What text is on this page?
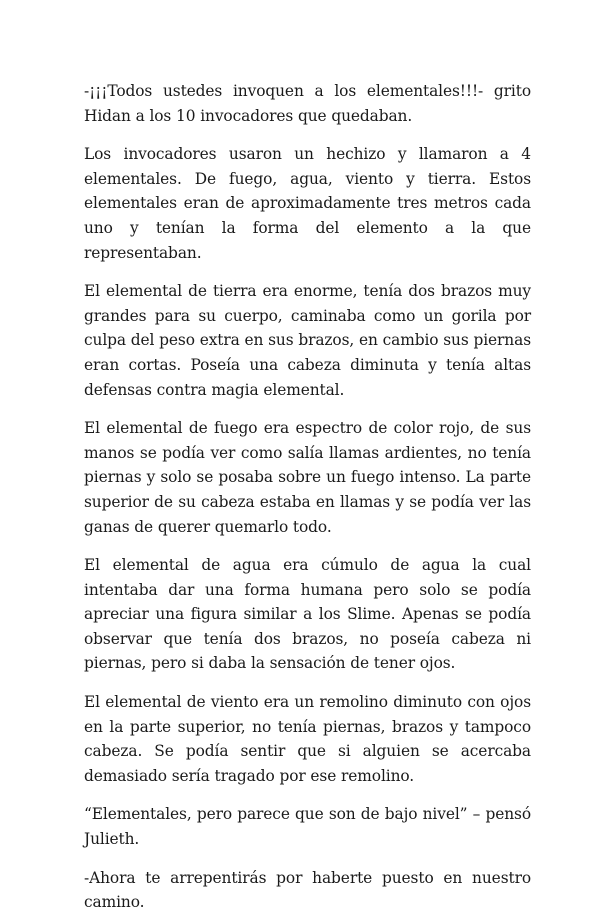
-¡¡¡Todos ustedes invoquen a los elementales!!!- grito Hidan a los 10 invocadores que quedaban.

Los invocadores usaron un hechizo y llamaron a 4 elementales. De fuego, agua, viento y tierra. Estos elementales eran de aproximadamente tres metros cada uno y tenían la forma del elemento a la que representaban.

El elemental de tierra era enorme, tenía dos brazos muy grandes para su cuerpo, caminaba como un gorila por culpa del peso extra en sus brazos, en cambio sus piernas eran cortas. Poseía una cabeza diminuta y tenía altas defensas contra magia elemental.

El elemental de fuego era espectro de color rojo, de sus manos se podía ver como salía llamas ardientes, no tenía piernas y solo se posaba sobre un fuego intenso. La parte superior de su cabeza estaba en llamas y se podía ver las ganas de querer quemarlo todo.

El elemental de agua era cúmulo de agua la cual intentaba dar una forma humana pero solo se podía apreciar una figura similar a los Slime. Apenas se podía observar que tenía dos brazos, no poseía cabeza ni piernas, pero si daba la sensación de tener ojos.

El elemental de viento era un remolino diminuto con ojos en la parte superior, no tenía piernas, brazos y tampoco cabeza. Se podía sentir que si alguien se acercaba demasiado sería tragado por ese remolino.

“Elementales, pero parece que son de bajo nivel” – pensó Julieth.

-Ahora te arrepentirás por haberte puesto en nuestro camino.
